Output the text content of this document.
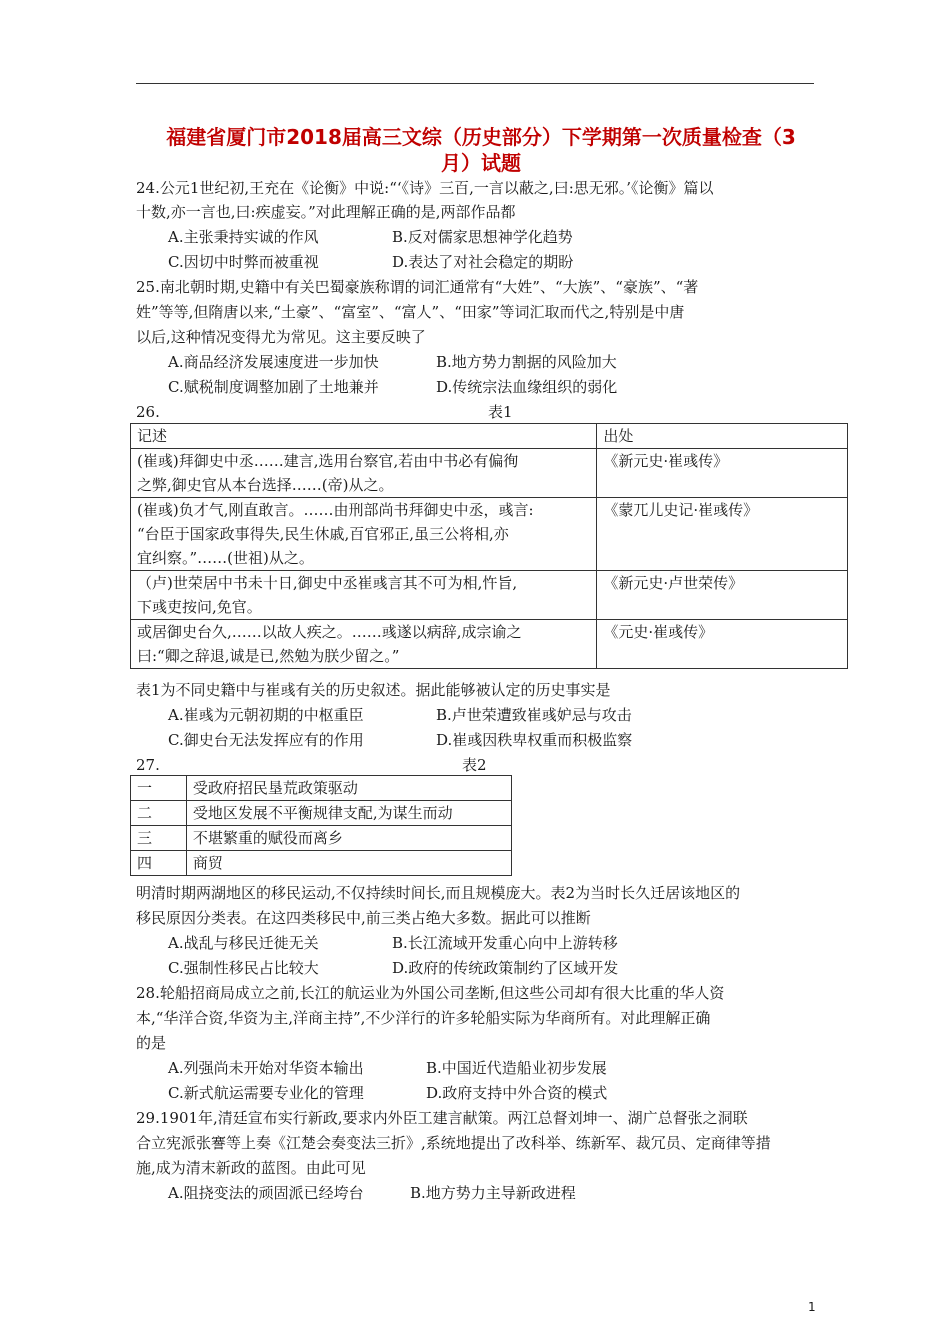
福建省厦门市2018届高三文综（历史部分）下学期第一次质量检查（3
月）试题
24.公元1世纪初,王充在《论衡》中说:“‘《诗》三百,一言以蔽之,曰:思无邪。’《论衡》篇以
十数,亦一言也,曰:疾虚妄。”对此理解正确的是,两部作品都
A.主张秉持实诚的作风	B.反对儒家思想神学化趋势
C.因切中时弊而被重视	D.表达了对社会稳定的期盼
25.南北朝时期,史籍中有关巴蜀豪族称谓的词汇通常有“大姓”、“大族”、“豪族”、“著
姓”等等,但隋唐以来,“土豪”、“富室”、“富人”、“田家”等词汇取而代之,特别是中唐
以后,这种情况变得尤为常见。这主要反映了
A.商品经济发展速度进一步加快	B.地方势力割据的风险加大
C.赋税制度调整加剧了土地兼并	D.传统宗法血缘组织的弱化
26.	表1
记述	出处

(崔彧)拜御史中丞……建言,选用台察官,若由中书必有偏徇
之弊,御史官从本台选择……(帝)从之。	《新元史·崔彧传》

(崔彧)负才气,刚直敢言。……由刑部尚书拜御史中丞，彧言:
“台臣于国家政事得失,民生休戚,百官邪正,虽三公将相,亦
宜纠察。”……(世祖)从之。	《蒙兀儿史记·崔彧传》

（卢)世荣居中书未十日,御史中丞崔彧言其不可为相,忤旨,
下彧吏按问,免官。	《新元史·卢世荣传》

或居御史台久,……以故人疾之。……彧遂以病辞,成宗谕之
曰:“卿之辞退,诚是已,然勉为朕少留之。”	《元史·崔彧传》
表1为不同史籍中与崔彧有关的历史叙述。据此能够被认定的历史事实是
A.崔彧为元朝初期的中枢重臣	B.卢世荣遭致崔彧妒忌与攻击
C.御史台无法发挥应有的作用	D.崔彧因秩卑权重而积极监察
27.	表2
一	受政府招民垦荒政策驱动
二	受地区发展不平衡规律支配,为谋生而动
三	不堪繁重的赋役而离乡
四	商贸
明清时期两湖地区的移民运动,不仅持续时间长,而且规模庞大。表2为当时长久迁居该地区的
移民原因分类表。在这四类移民中,前三类占绝大多数。据此可以推断
A.战乱与移民迁徙无关	B.长江流域开发重心向中上游转移
C.强制性移民占比较大	D.政府的传统政策制约了区域开发
28.轮船招商局成立之前,长江的航运业为外国公司垄断,但这些公司却有很大比重的华人资
本,“华洋合资,华资为主,洋商主持”,不少洋行的许多轮船实际为华商所有。对此理解正确
的是
A.列强尚未开始对华资本输出	B.中国近代造船业初步发展
C.新式航运需要专业化的管理	D.政府支持中外合资的模式
29.1901年,清廷宣布实行新政,要求内外臣工建言献策。两江总督刘坤一、湖广总督张之洞联
合立宪派张謇等上奏《江楚会奏变法三折》,系统地提出了改科举、练新军、裁冗员、定商律等措
施,成为清末新政的蓝图。由此可见
A.阻挠变法的顽固派已经垮台	B.地方势力主导新政进程
1
